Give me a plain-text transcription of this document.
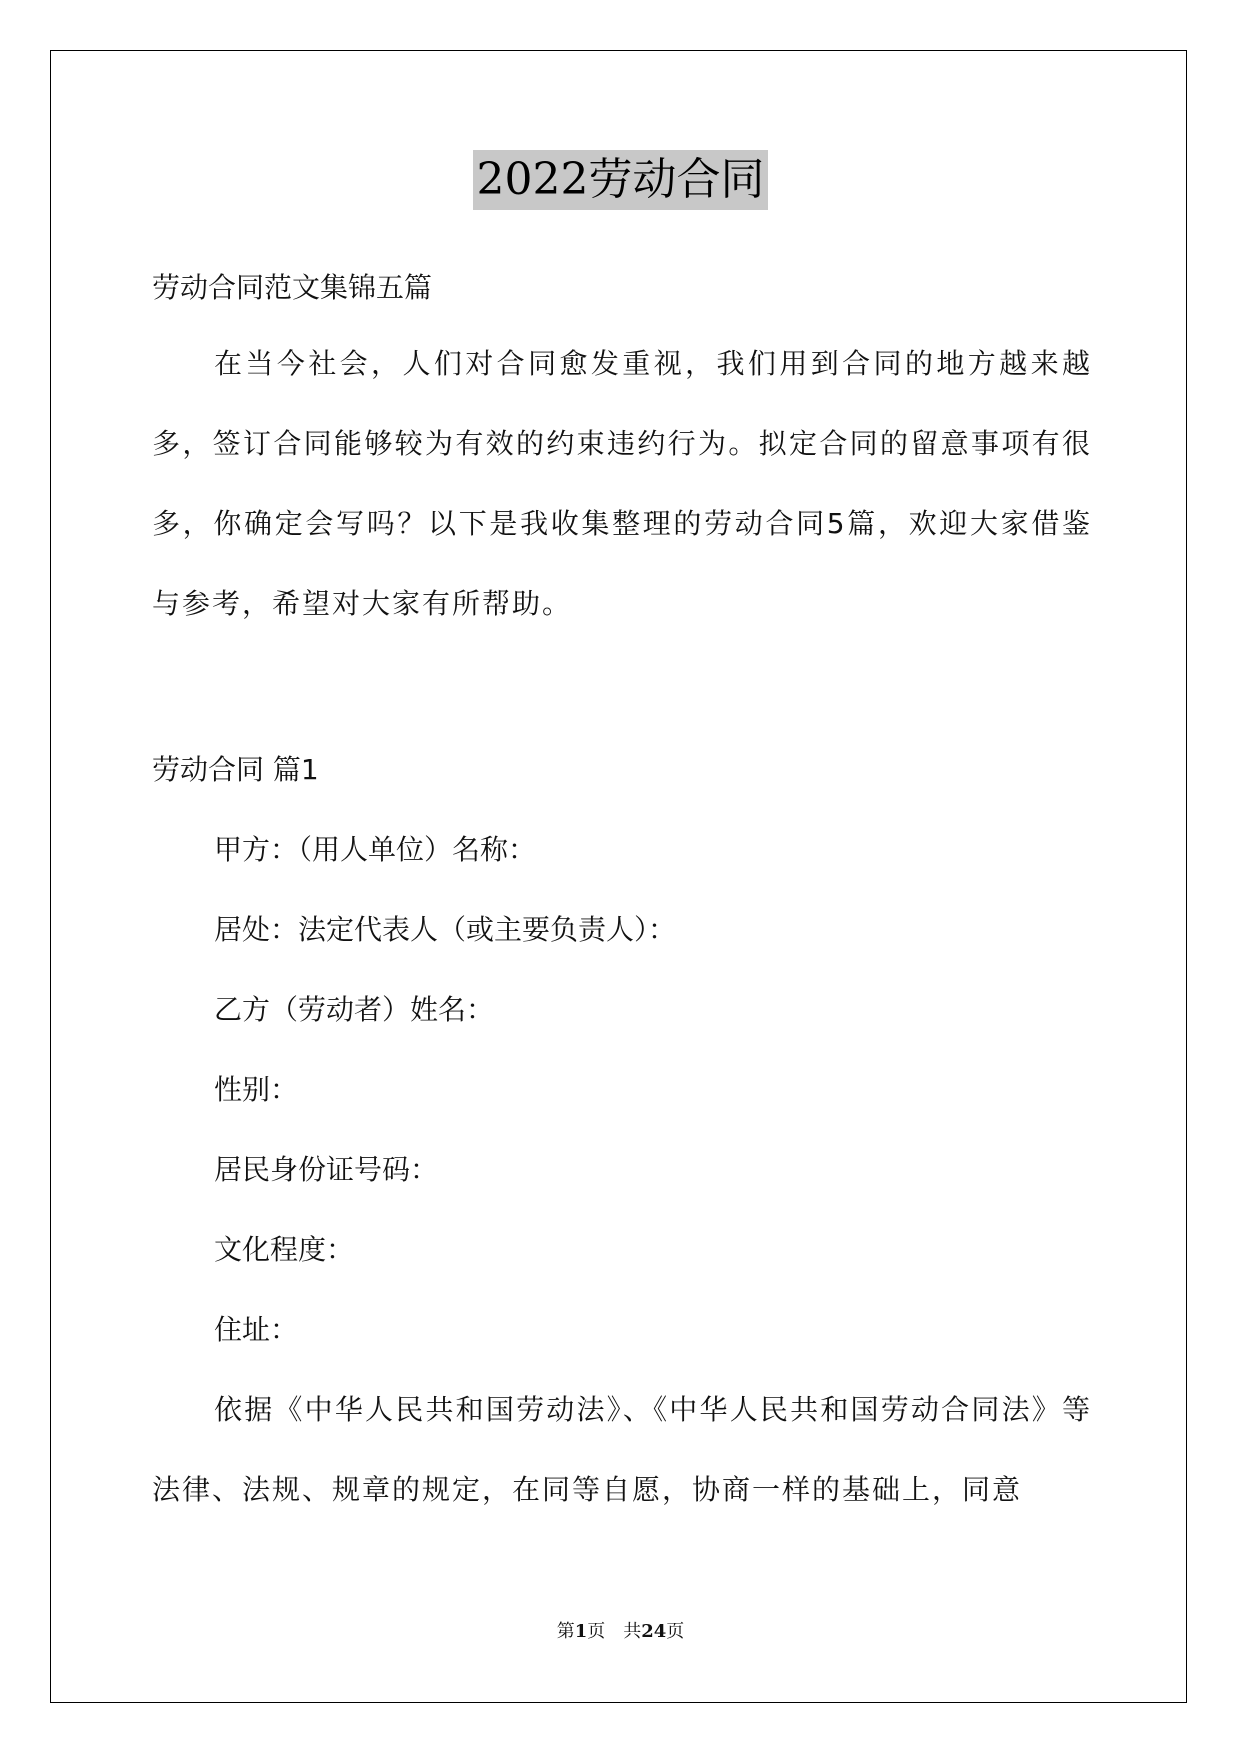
2022劳动合同
劳动合同范文集锦五篇
在当今社会，人们对合同愈发重视，我们用到合同的地方越来越多，签订合同能够较为有效的约束违约行为。拟定合同的留意事项有很多，你确定会写吗？以下是我收集整理的劳动合同5篇，欢迎大家借鉴与参考，希望对大家有所帮助。
劳动合同 篇1
甲方：（用人单位）名称：
居处：法定代表人（或主要负责人）：
乙方（劳动者）姓名：
性别：
居民身份证号码：
文化程度：
住址：
依据《中华人民共和国劳动法》、《中华人民共和国劳动合同法》等法律、法规、规章的规定，在同等自愿，协商一样的基础上，同意
第1页　共24页
